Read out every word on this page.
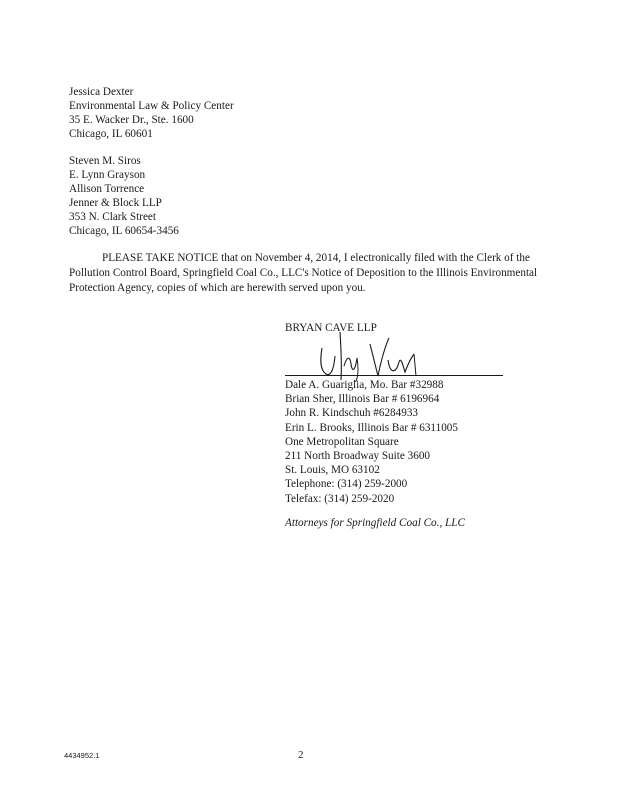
Jessica Dexter
Environmental Law & Policy Center
35 E. Wacker Dr., Ste. 1600
Chicago, IL 60601
Steven M. Siros
E. Lynn Grayson
Allison Torrence
Jenner & Block LLP
353 N. Clark Street
Chicago, IL 60654-3456

PLEASE TAKE NOTICE that on November 4, 2014, I electronically filed with the Clerk of the Pollution Control Board, Springfield Coal Co., LLC's Notice of Deposition to the Illinois Environmental Protection Agency, copies of which are herewith served upon you.

BRYAN CAVE LLP
Dale A. Guariglia, Mo. Bar #32988
Brian Sher, Illinois Bar # 6196964
John R. Kindschuh #6284933
Erin L. Brooks, Illinois Bar # 6311005
One Metropolitan Square
211 North Broadway Suite 3600
St. Louis, MO 63102
Telephone: (314) 259-2000
Telefax: (314) 259-2020
Attorneys for Springfield Coal Co., LLC
4434952.1	2
